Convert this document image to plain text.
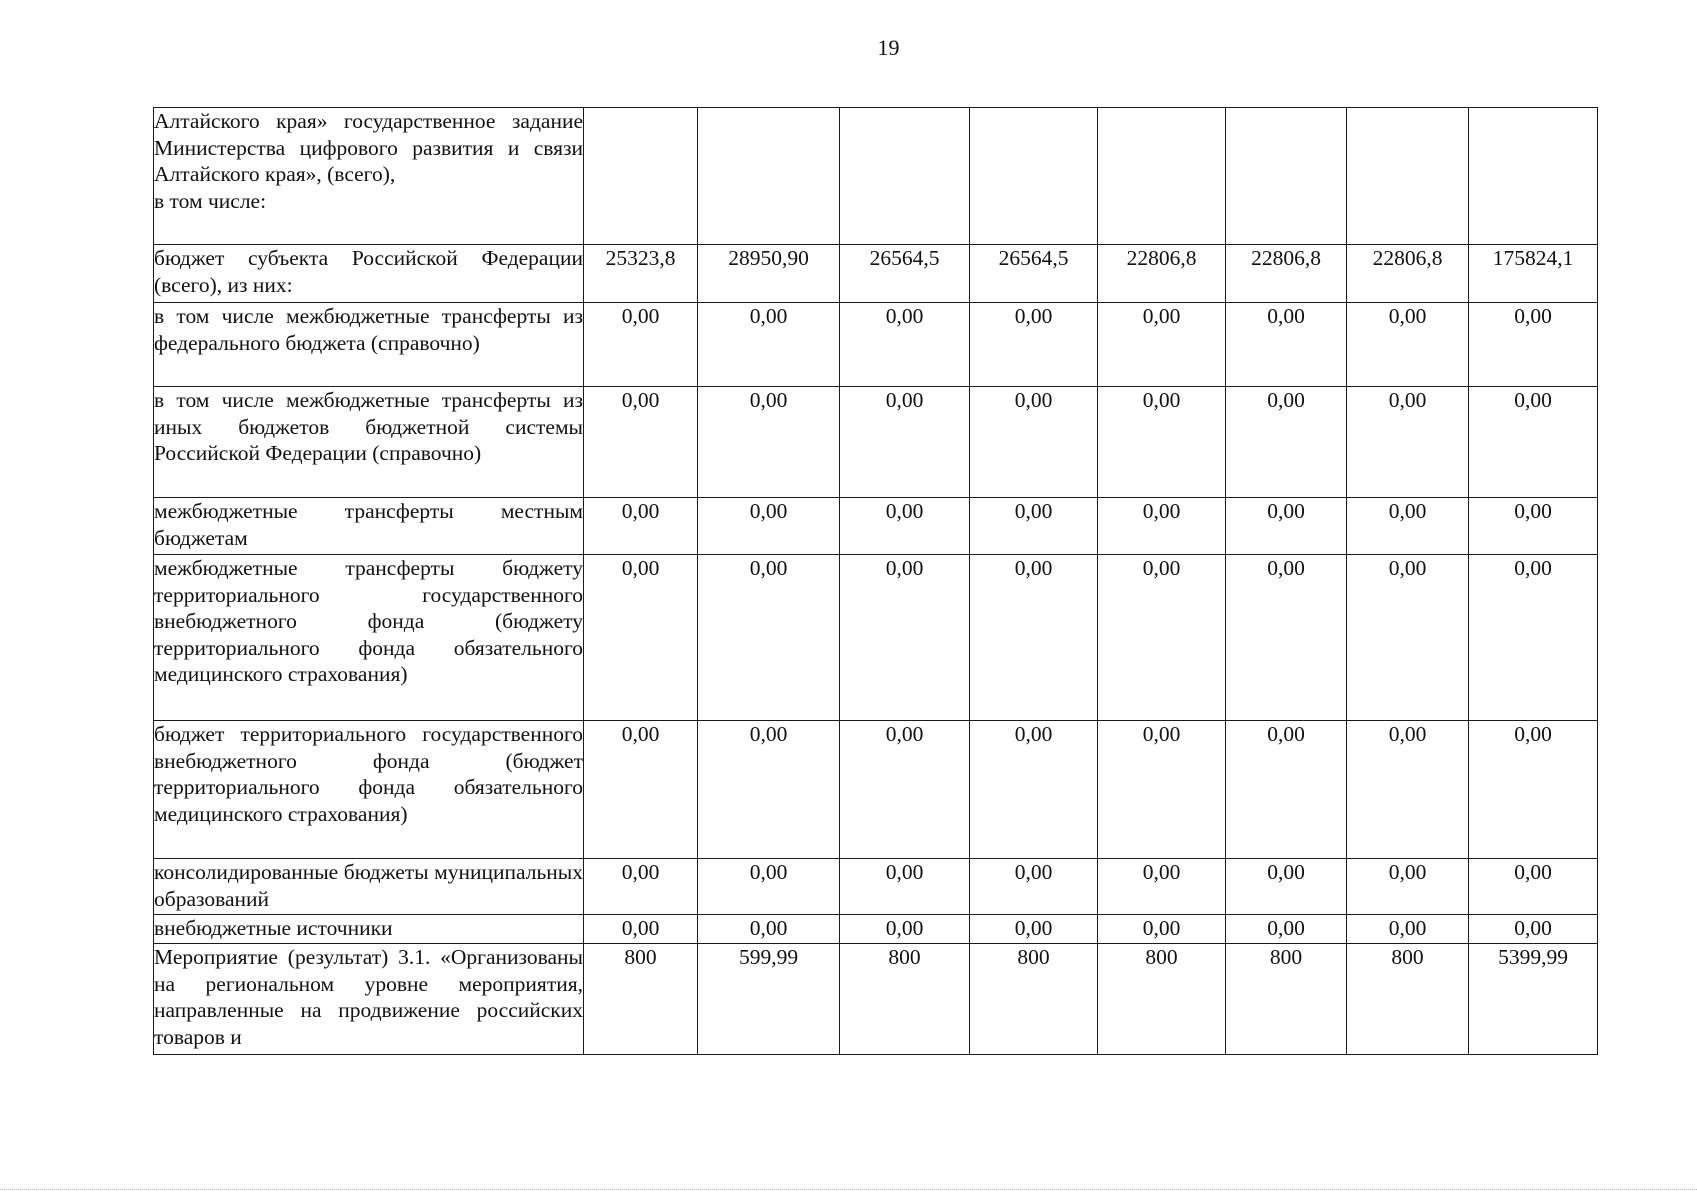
19
Алтайского края» государственное задание Министерства цифрового развития и связи Алтайского края», (всего),
в том числе:								
бюджет субъекта Российской Федерации (всего), из них:	25323,8	28950,90	26564,5	26564,5	22806,8	22806,8	22806,8	175824,1
в том числе межбюджетные трансферты из федерального бюджета (справочно)	0,00	0,00	0,00	0,00	0,00	0,00	0,00	0,00
в том числе межбюджетные трансферты из иных бюджетов бюджетной системы Российской Федерации (справочно)	0,00	0,00	0,00	0,00	0,00	0,00	0,00	0,00
межбюджетные трансферты местным бюджетам	0,00	0,00	0,00	0,00	0,00	0,00	0,00	0,00
межбюджетные трансферты бюджету территориального государственного внебюджетного фонда (бюджету территориального фонда обязательного медицинского страхования)	0,00	0,00	0,00	0,00	0,00	0,00	0,00	0,00
бюджет территориального государственного внебюджетного фонда (бюджет территориального фонда обязательного медицинского страхования)	0,00	0,00	0,00	0,00	0,00	0,00	0,00	0,00
консолидированные бюджеты муниципальных образований	0,00	0,00	0,00	0,00	0,00	0,00	0,00	0,00
внебюджетные источники	0,00	0,00	0,00	0,00	0,00	0,00	0,00	0,00
Мероприятие (результат) 3.1. «Организованы на региональном уровне мероприятия, направленные на продвижение российских товаров и	800	599,99	800	800	800	800	800	5399,99
